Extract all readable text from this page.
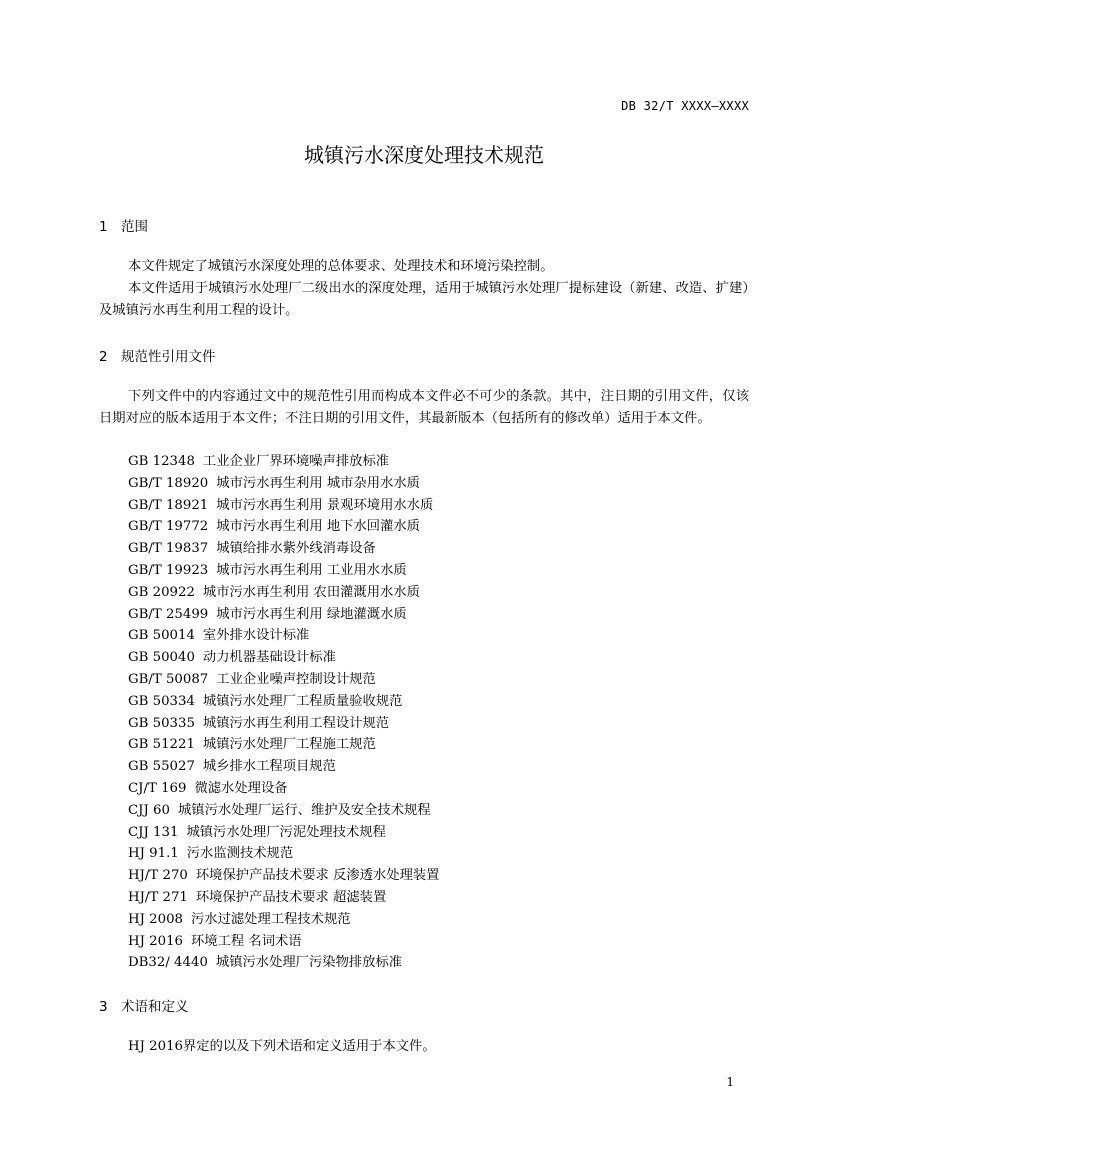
DB 32/T XXXX—XXXX
城镇污水深度处理技术规范
1 范围

本文件规定了城镇污水深度处理的总体要求、处理技术和环境污染控制。

本文件适用于城镇污水处理厂二级出水的深度处理，适用于城镇污水处理厂提标建设（新建、改造、扩建）及城镇污水再生利用工程的设计。

2 规范性引用文件

下列文件中的内容通过文中的规范性引用而构成本文件必不可少的条款。其中，注日期的引用文件，仅该日期对应的版本适用于本文件；不注日期的引用文件，其最新版本（包括所有的修改单）适用于本文件。

GB 12348 工业企业厂界环境噪声排放标准
GB/T 18920 城市污水再生利用 城市杂用水水质
GB/T 18921 城市污水再生利用 景观环境用水水质
GB/T 19772 城市污水再生利用 地下水回灌水质
GB/T 19837 城镇给排水紫外线消毒设备
GB/T 19923 城市污水再生利用 工业用水水质
GB 20922 城市污水再生利用 农田灌溉用水水质
GB/T 25499 城市污水再生利用 绿地灌溉水质
GB 50014 室外排水设计标准
GB 50040 动力机器基础设计标准
GB/T 50087 工业企业噪声控制设计规范
GB 50334 城镇污水处理厂工程质量验收规范
GB 50335 城镇污水再生利用工程设计规范
GB 51221 城镇污水处理厂工程施工规范
GB 55027 城乡排水工程项目规范
CJ/T 169 微滤水处理设备
CJJ 60 城镇污水处理厂运行、维护及安全技术规程
CJJ 131 城镇污水处理厂污泥处理技术规程
HJ 91.1 污水监测技术规范
HJ/T 270 环境保护产品技术要求 反渗透水处理装置
HJ/T 271 环境保护产品技术要求 超滤装置
HJ 2008 污水过滤处理工程技术规范
HJ 2016 环境工程 名词术语
DB32/ 4440 城镇污水处理厂污染物排放标准
3 术语和定义

HJ 2016界定的以及下列术语和定义适用于本文件。

1
